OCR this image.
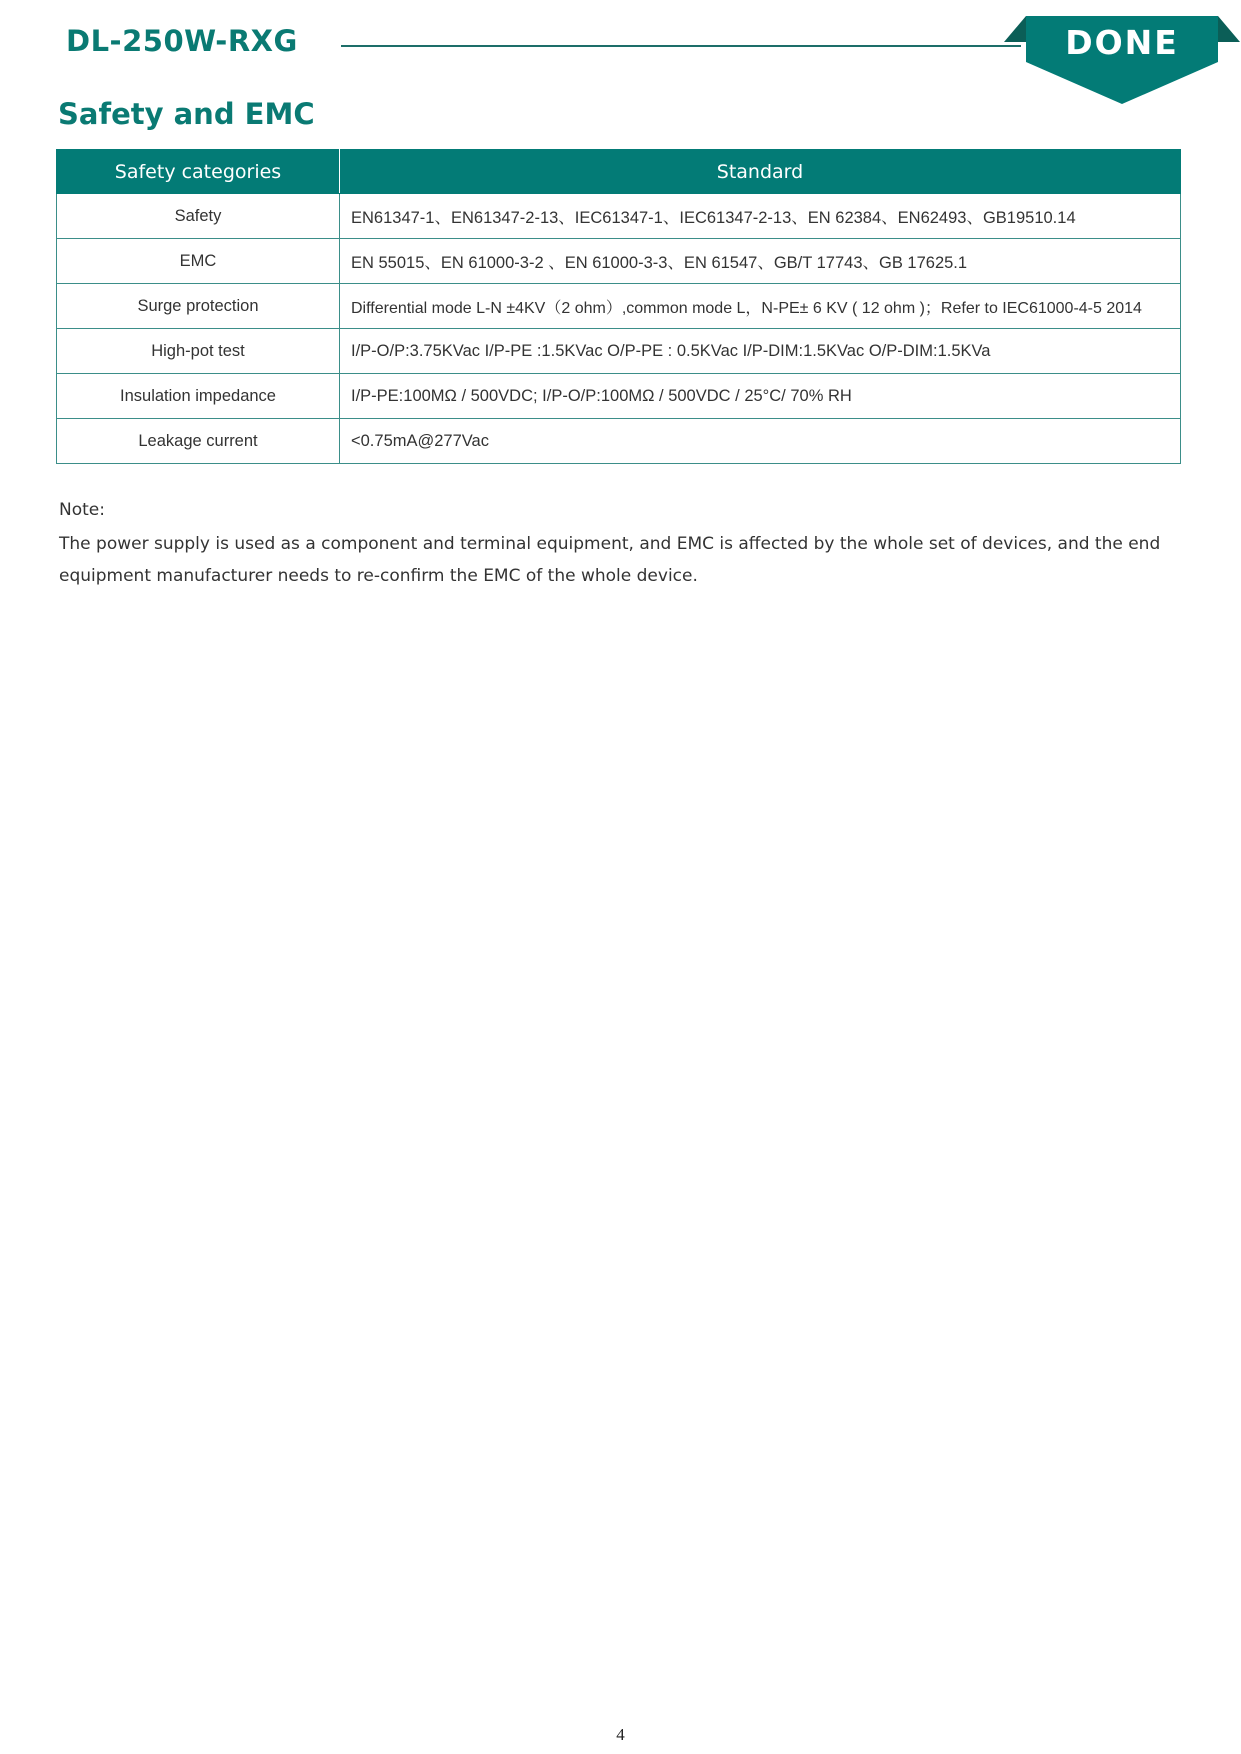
DL-250W-RXG	DONE
Safety and EMC
Safety categories	Standard
Safety	EN61347-1、EN61347-2-13、IEC61347-1、IEC61347-2-13、EN 62384、EN62493、GB19510.14
EMC	EN 55015、EN 61000-3-2 、EN 61000-3-3、EN 61547、GB/T 17743、GB 17625.1
Surge protection	Differential mode L-N ±4KV（2 ohm）,common mode L，N-PE± 6 KV ( 12 ohm )；Refer to IEC61000-4-5 2014
High-pot test	I/P-O/P:3.75KVac I/P-PE :1.5KVac O/P-PE : 0.5KVac I/P-DIM:1.5KVac O/P-DIM:1.5KVa
Insulation impedance	I/P-PE:100MΩ / 500VDC; I/P-O/P:100MΩ / 500VDC / 25°C/ 70% RH
Leakage current	<0.75mA@277Vac
Note:
The power supply is used as a component and terminal equipment, and EMC is affected by the whole set of devices, and the end equipment manufacturer needs to re-confirm the EMC of the whole device.
4
